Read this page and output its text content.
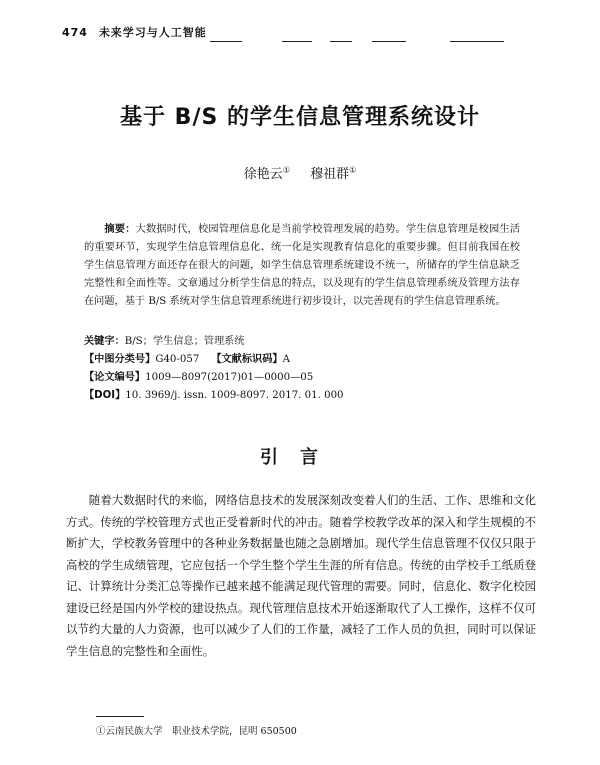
474 未来学习与人工智能
基于 B/S 的学生信息管理系统设计
徐艳云① 穆祖群①
摘要：大数据时代，校园管理信息化是当前学校管理发展的趋势。学生信息管理是校园生活的重要环节，实现学生信息管理信息化、统一化是实现教育信息化的重要步骤。但目前我国在校学生信息管理方面还存在很大的问题，如学生信息管理系统建设不统一，所储存的学生信息缺乏完整性和全面性等。文章通过分析学生信息的特点，以及现有的学生信息管理系统及管理方法存在问题，基于 B/S 系统对学生信息管理系统进行初步设计，以完善现有的学生信息管理系统。
关键字：B/S；学生信息；管理系统
【中图分类号】G40-057 【文献标识码】A
【论文编号】1009—8097(2017)01—0000—05
【DOI】10. 3969/j. issn. 1009-8097. 2017. 01. 000
引言

随着大数据时代的来临，网络信息技术的发展深刻改变着人们的生活、工作、思维和文化方式。传统的学校管理方式也正受着新时代的冲击。随着学校教学改革的深入和学生规模的不断扩大，学校教务管理中的各种业务数据量也随之急剧增加。现代学生信息管理不仅仅只限于高校的学生成绩管理，它应包括一个学生整个学生生涯的所有信息。传统的由学校手工纸质登记、计算统计分类汇总等操作已越来越不能满足现代管理的需要。同时，信息化、数字化校园建设已经是国内外学校的建设热点。现代管理信息技术开始逐渐取代了人工操作，这样不仅可以节约大量的人力资源，也可以减少了人们的工作量，减轻了工作人员的负担，同时可以保证学生信息的完整性和全面性。

①云南民族大学　职业技术学院，昆明 650500
